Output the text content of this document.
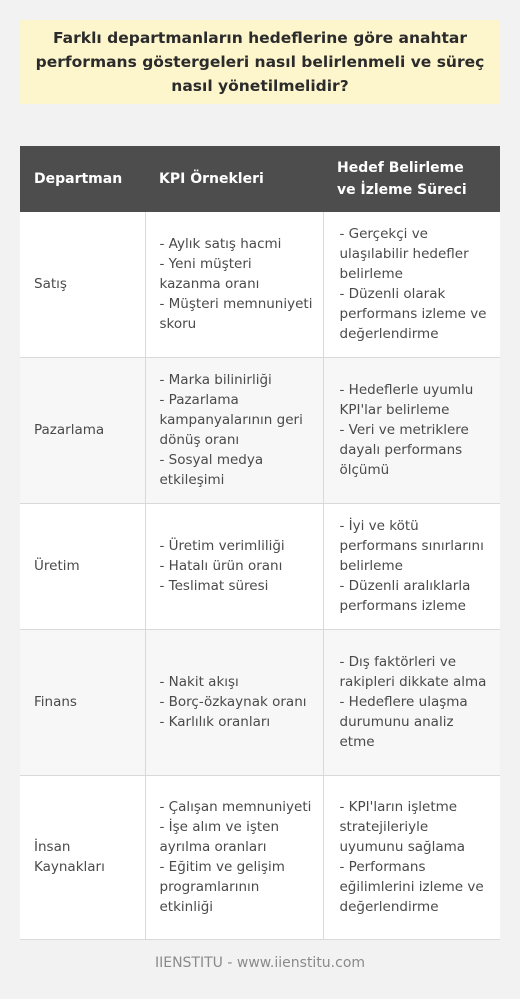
Farklı departmanların hedeflerine göre anahtar performans göstergeleri nasıl belirlenmeli ve süreç nasıl yönetilmelidir?
Departman	KPI Örnekleri	Hedef Belirleme ve İzleme Süreci
Satış	- Aylık satış hacmi
- Yeni müşteri kazanma oranı
- Müşteri memnuniyeti skoru	- Gerçekçi ve ulaşılabilir hedefler belirleme
- Düzenli olarak performans izleme ve değerlendirme

Pazarlama	- Marka bilinirliği
- Pazarlama kampanyalarının geri dönüş oranı
- Sosyal medya etkileşimi	- Hedeflerle uyumlu KPI'lar belirleme
- Veri ve metriklere dayalı performans ölçümü

Üretim	- Üretim verimliliği
- Hatalı ürün oranı
- Teslimat süresi	- İyi ve kötü performans sınırlarını belirleme
- Düzenli aralıklarla performans izleme

Finans	- Nakit akışı
- Borç-özkaynak oranı
- Karlılık oranları	- Dış faktörleri ve rakipleri dikkate alma
- Hedeflere ulaşma durumunu analiz etme

İnsan Kaynakları	- Çalışan memnuniyeti
- İşe alım ve işten ayrılma oranları
- Eğitim ve gelişim programlarının etkinliği	- KPI'ların işletme stratejileriyle uyumunu sağlama
- Performans eğilimlerini izleme ve değerlendirme
IIENSTITU - www.iienstitu.com
